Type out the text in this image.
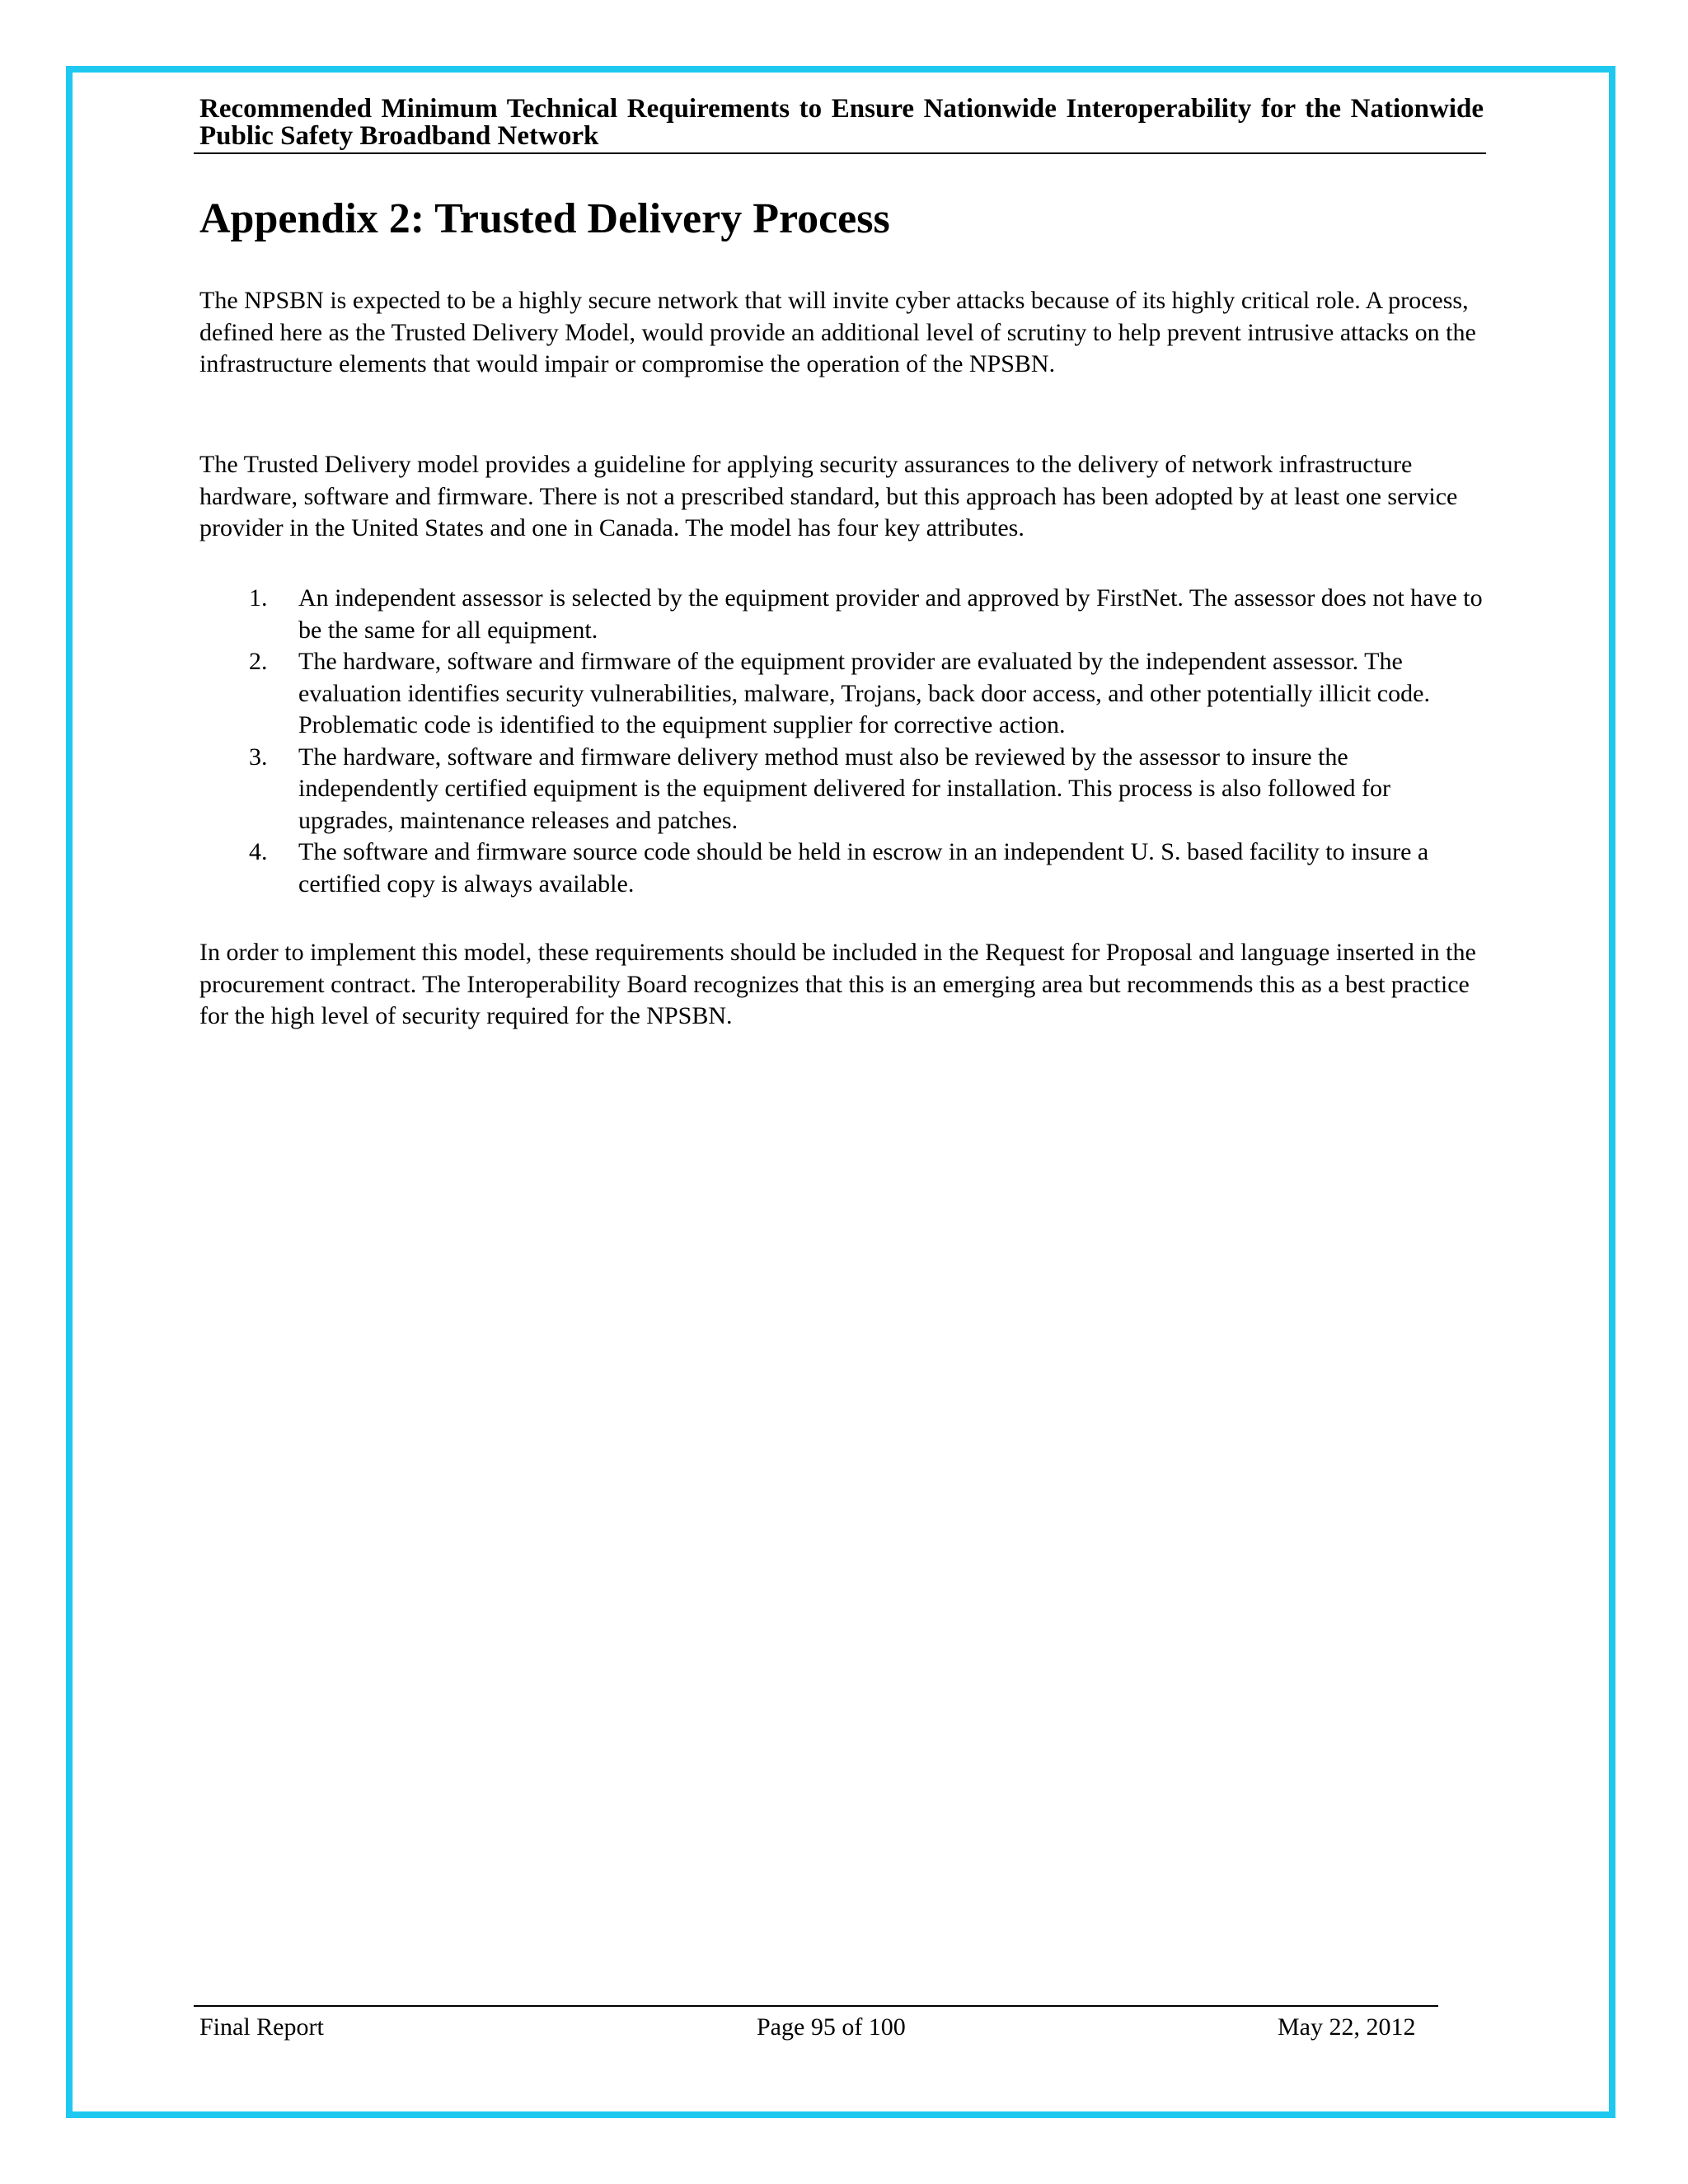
Recommended Minimum Technical Requirements to Ensure Nationwide Interoperability for the Nationwide Public Safety Broadband Network
Appendix 2: Trusted Delivery Process
The NPSBN is expected to be a highly secure network that will invite cyber attacks because of its highly critical role. A process, defined here as the Trusted Delivery Model, would provide an additional level of scrutiny to help prevent intrusive attacks on the infrastructure elements that would impair or compromise the operation of the NPSBN.
The Trusted Delivery model provides a guideline for applying security assurances to the delivery of network infrastructure hardware, software and firmware. There is not a prescribed standard, but this approach has been adopted by at least one service provider in the United States and one in Canada. The model has four key attributes.
1. An independent assessor is selected by the equipment provider and approved by FirstNet. The assessor does not have to be the same for all equipment.
2. The hardware, software and firmware of the equipment provider are evaluated by the independent assessor. The evaluation identifies security vulnerabilities, malware, Trojans, back door access, and other potentially illicit code. Problematic code is identified to the equipment supplier for corrective action.
3. The hardware, software and firmware delivery method must also be reviewed by the assessor to insure the independently certified equipment is the equipment delivered for installation. This process is also followed for upgrades, maintenance releases and patches.
4. The software and firmware source code should be held in escrow in an independent U. S. based facility to insure a certified copy is always available.
In order to implement this model, these requirements should be included in the Request for Proposal and language inserted in the procurement contract. The Interoperability Board recognizes that this is an emerging area but recommends this as a best practice for the high level of security required for the NPSBN.
Final Report	Page 95 of 100	May 22, 2012
